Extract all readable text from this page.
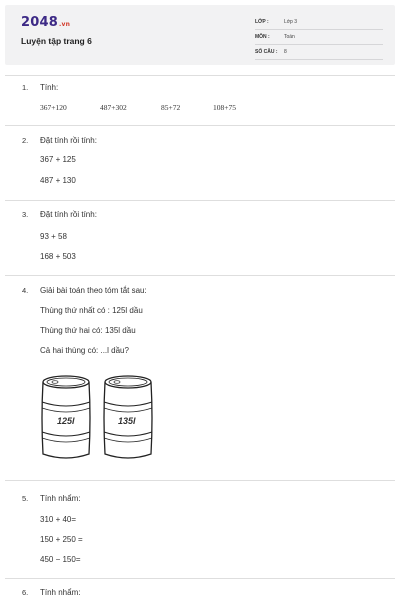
2048.vn
Luyện tập trang 6
LỚP :	Lớp 3
MÔN :	Toán
SỐ CÂU :	8
1. Tính:
367+120	487+302	85+72	108+75
2. Đặt tính rồi tính:
367 + 125
487 + 130
3. Đặt tính rồi tính:
93 + 58
168 + 503
4. Giải bài toán theo tóm tắt sau:
Thùng thứ nhất có : 125l dầu
Thùng thứ hai có: 135l dầu
Cả hai thùng có: ...l dầu?
125l	135l
5. Tính nhẩm:
310 + 40=
150 + 250 =
450 − 150=
6. Tính nhẩm:
